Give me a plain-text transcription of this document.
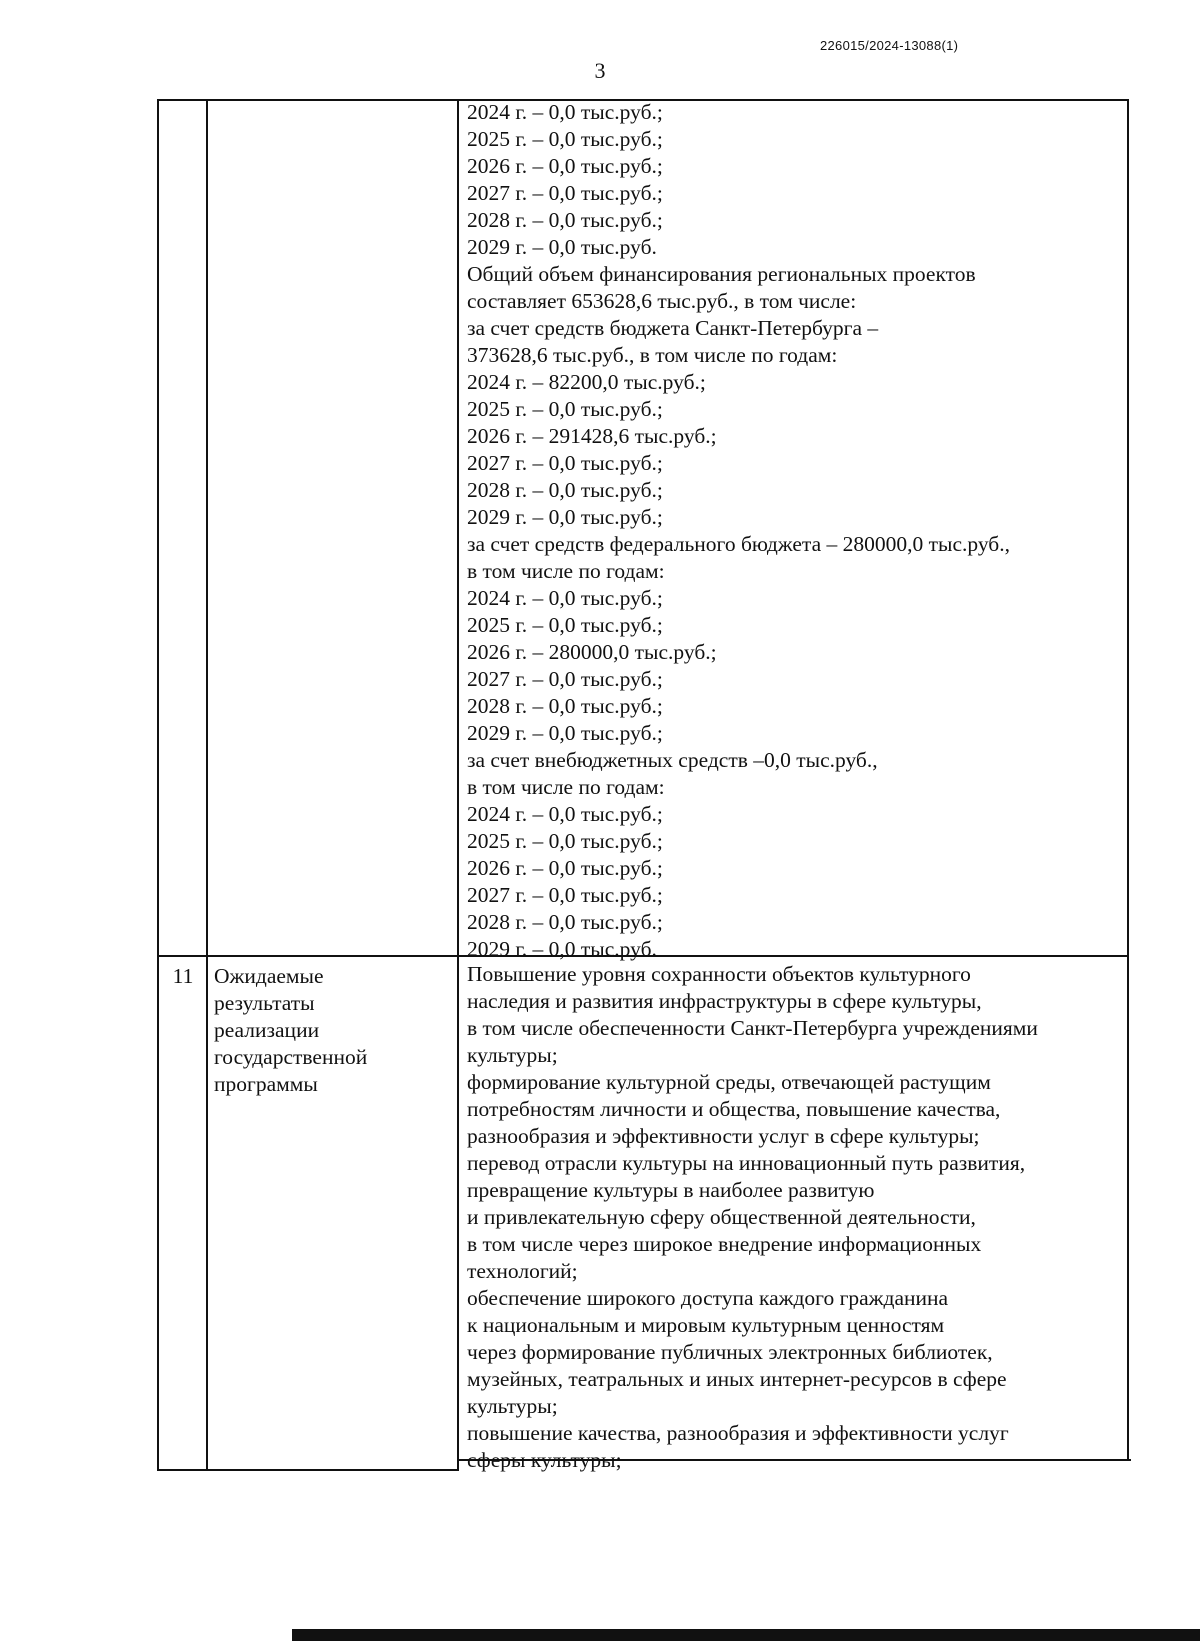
226015/2024-13088(1)
3
2024 г. – 0,0 тыс.руб.;
2025 г. – 0,0 тыс.руб.;
2026 г. – 0,0 тыс.руб.;
2027 г. – 0,0 тыс.руб.;
2028 г. – 0,0 тыс.руб.;
2029 г. – 0,0 тыс.руб.
Общий объем финансирования региональных проектов
составляет 653628,6 тыс.руб., в том числе:
за счет средств бюджета Санкт-Петербурга –
373628,6 тыс.руб., в том числе по годам:
2024 г. – 82200,0 тыс.руб.;
2025 г. – 0,0 тыс.руб.;
2026 г. – 291428,6 тыс.руб.;
2027 г. – 0,0 тыс.руб.;
2028 г. – 0,0 тыс.руб.;
2029 г. – 0,0 тыс.руб.;
за счет средств федерального бюджета – 280000,0 тыс.руб.,
в том числе по годам:
2024 г. – 0,0 тыс.руб.;
2025 г. – 0,0 тыс.руб.;
2026 г. – 280000,0 тыс.руб.;
2027 г. – 0,0 тыс.руб.;
2028 г. – 0,0 тыс.руб.;
2029 г. – 0,0 тыс.руб.;
за счет внебюджетных средств –0,0 тыс.руб.,
в том числе по годам:
2024 г. – 0,0 тыс.руб.;
2025 г. – 0,0 тыс.руб.;
2026 г. – 0,0 тыс.руб.;
2027 г. – 0,0 тыс.руб.;
2028 г. – 0,0 тыс.руб.;
2029 г. – 0,0 тыс.руб.
11 Ожидаемые
результаты
реализации
государственной
программы
Повышение уровня сохранности объектов культурного
наследия и развития инфраструктуры в сфере культуры,
в том числе обеспеченности Санкт-Петербурга учреждениями
культуры;
формирование культурной среды, отвечающей растущим
потребностям личности и общества, повышение качества,
разнообразия и эффективности услуг в сфере культуры;
перевод отрасли культуры на инновационный путь развития,
превращение культуры в наиболее развитую
и привлекательную сферу общественной деятельности,
в том числе через широкое внедрение информационных
технологий;
обеспечение широкого доступа каждого гражданина
к национальным и мировым культурным ценностям
через формирование публичных электронных библиотек,
музейных, театральных и иных интернет-ресурсов в сфере
культуры;
повышение качества, разнообразия и эффективности услуг
сферы культуры;
